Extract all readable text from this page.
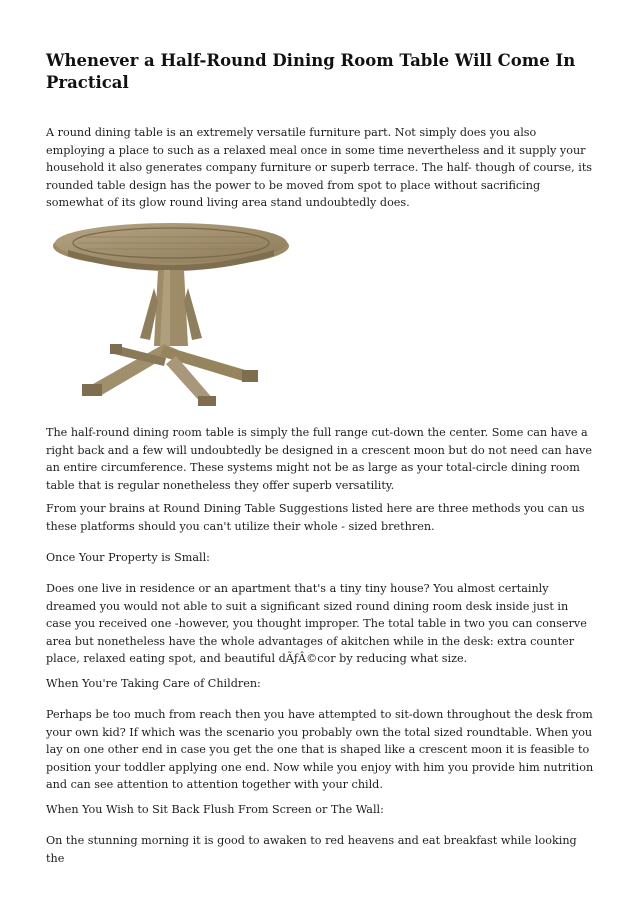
Whenever a Half-Round Dining Room Table Will Come In Practical

A round dining table is an extremely versatile furniture part. Not simply does you also employing a place to such as a relaxed meal once in some time nevertheless and it supply your household it also generates company furniture or superb terrace. The half- though of course, its rounded table design has the power to be moved from spot to place without sacrificing somewhat of its glow round living area stand undoubtedly does.

The half-round dining room table is simply the full range cut-down the center. Some can have a right back and a few will undoubtedly be designed in a crescent moon but do not need can have an entire circumference. These systems might not be as large as your total-circle dining room table that is regular nonetheless they offer superb versatility.

From your brains at Round Dining Table Suggestions listed here are three methods you can us these platforms should you can't utilize their whole - sized brethren.

Once Your Property is Small:

Does one live in residence or an apartment that's a tiny tiny house? You almost certainly dreamed you would not able to suit a significant sized round dining room desk inside just in case you received one -however, you thought improper. The total table in two you can conserve area but nonetheless have the whole advantages of akitchen while in the desk: extra counter place, relaxed eating spot, and beautiful dÃƒÂ©cor by reducing what size.

When You're Taking Care of Children:

Perhaps be too much from reach then you have attempted to sit-down throughout the desk from your own kid? If which was the scenario you probably own the total sized roundtable. When you lay on one other end in case you get the one that is shaped like a crescent moon it is feasible to position your toddler applying one end. Now while you enjoy with him you provide him nutrition and can see attention to attention together with your child.

When You Wish to Sit Back Flush From Screen or The Wall:

On the stunning morning it is good to awaken to red heavens and eat breakfast while looking the
